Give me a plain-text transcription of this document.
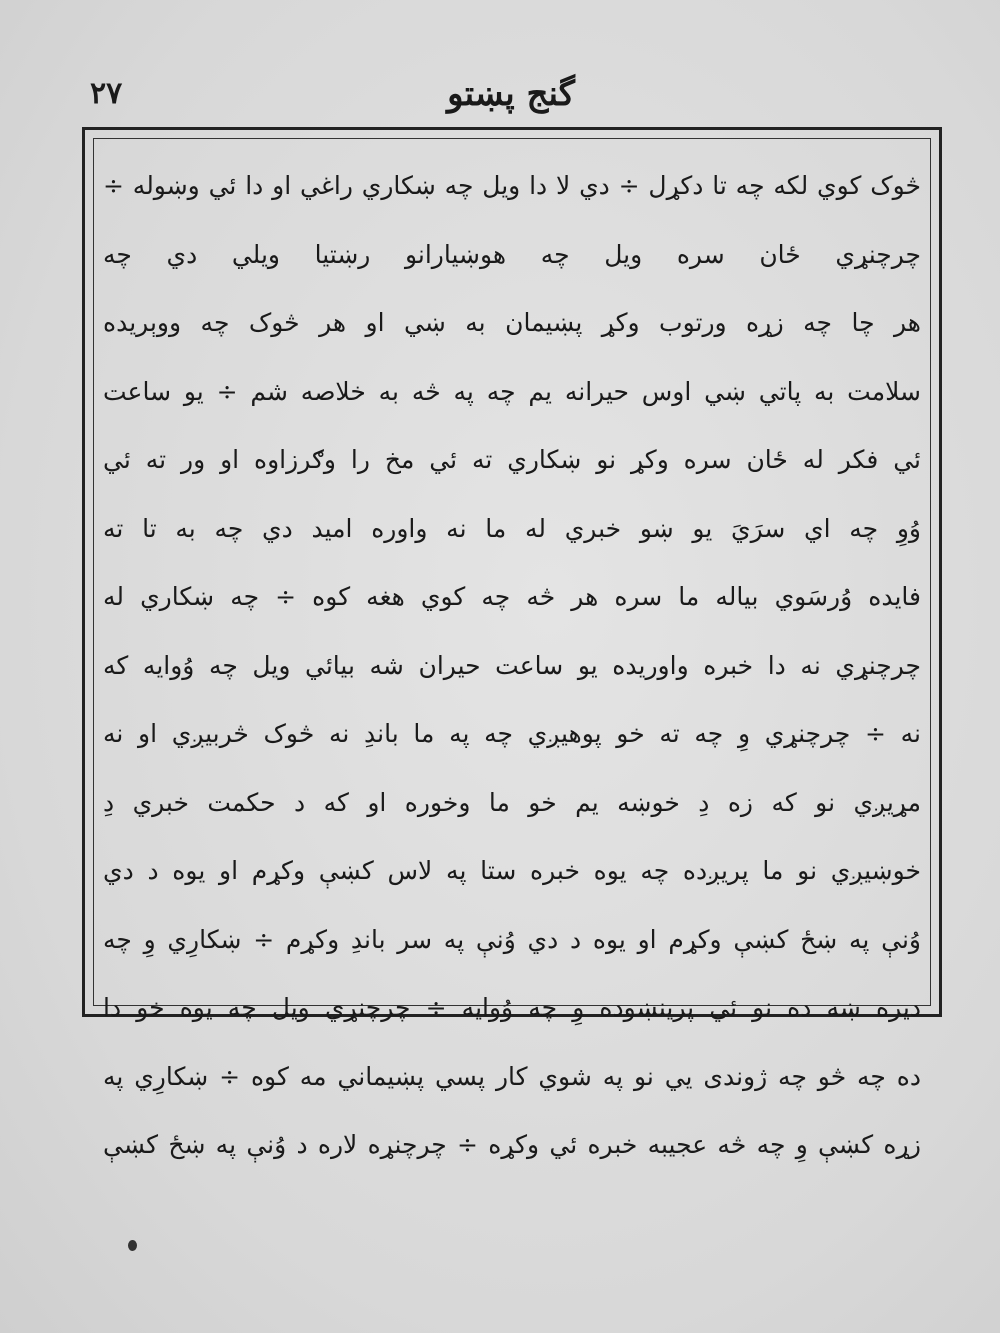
۲۷	گنج پښتو
څوک کوي لکه چه تا دکړل ÷ دي لا دا ویل چه ښکاري راغي او دا ئي وښوله ÷
چرچنړي ځان سره ویل چه هوښیارانو رښتیا ویلي دي چه
هر چا چه زړه ورتوب وکړ پښیمان به ښي او هر څوک چه ووېریده
سلامت به پاتي ښي اوس حیرانه یم چه په څه به خلاصه شم ÷ یو ساعت
ئي فکر له ځان سره وکړ نو ښکاري ته ئي مخ را وګرزاوه او ور ته ئي
وُوِ چه اي سرَيَ یو ښو خبري له ما نه واوره امید دي چه به تا ته
فایده وُرسَوي بیاله ما سره هر څه چه کوي هغه کوه ÷ چه ښکاري له
چرچنړي نه دا خبره واوریده یو ساعت حیران شه بیائي ویل چه وُوایه که
نه ÷ چرچنړي وِ چه ته خو پوهیږي چه په ما باندِ نه څوک څربیږي او نه
مړیږي نو که زه دِ خوښه یم خو ما وخوره او که د حکمت خبري دِ
خوښیږي نو ما پریږده چه یوه خبره ستا په لاس کښې وکړم او یوه د دي
وُنې په ښځ کښې وکړم او یوه د دي وُنې په سر باندِ وکړم ÷ ښکارِي وِ چه
دیره ښه ده نو ئي پرینښوده وِ چه وُوایه ÷ چرچنړي ویل چه یوه خو دا
ده چه څو چه ژوندی یي نو په شوي کار پسي پښیماني مه کوه ÷ ښکارِي په
زړه کښې وِ چه څه عجیبه خبره ئي وکړه ÷ چرچنړه لاره د وُنې په ښځ کښې
